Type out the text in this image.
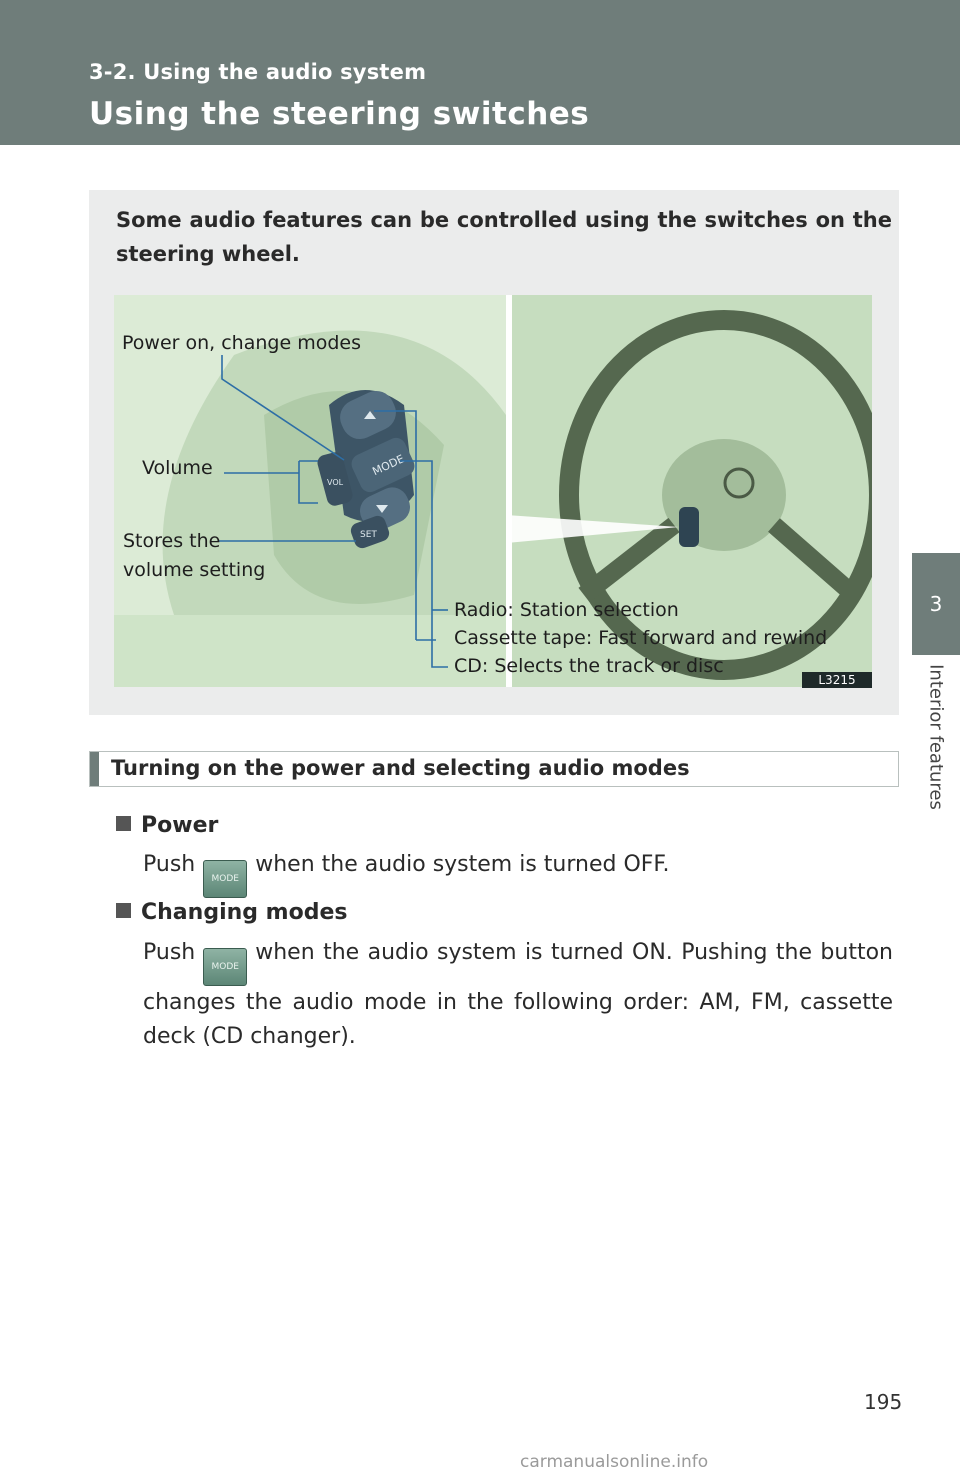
3-2. Using the audio system
Using the steering switches
3
Interior features
Some audio features can be controlled using the switches on the steering wheel.
MODE
VOL
SET
Power on, change modes
Volume
Stores the
volume setting
Radio: Station selection
Cassette tape: Fast forward and rewind
CD: Selects the track or disc
L3215
Turning on the power and selecting audio modes
Power
PushMODEwhen the audio system is turned OFF.
Changing modes
PushMODEwhen the audio system is turned ON. Pushing the button changes the audio mode in the following order: AM, FM, cassette deck (CD changer).
195
carmanualsonline.info
